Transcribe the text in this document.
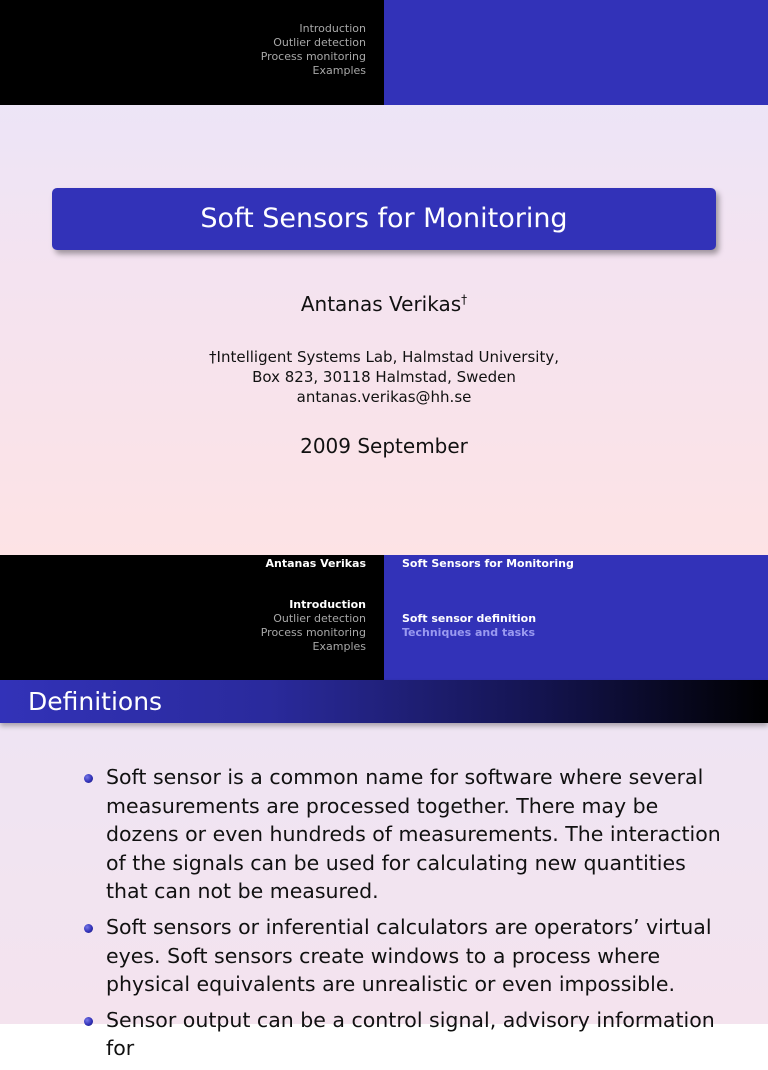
Introduction
Outlier detection
Process monitoring
Examples
Soft Sensors for Monitoring
Antanas Verikas†
†Intelligent Systems Lab, Halmstad University,
Box 823, 30118 Halmstad, Sweden
antanas.verikas@hh.se
2009 September
Antanas Verikas
Introduction
Outlier detection
Process monitoring
Examples
Soft Sensors for Monitoring
Soft sensor definition
Techniques and tasks
Definitions
Soft sensor is a common name for software where several measurements are processed together. There may be dozens or even hundreds of measurements. The interaction of the signals can be used for calculating new quantities that can not be measured.
Soft sensors or inferential calculators are operators’ virtual eyes. Soft sensors create windows to a process where physical equivalents are unrealistic or even impossible.
Sensor output can be a control signal, advisory information for
